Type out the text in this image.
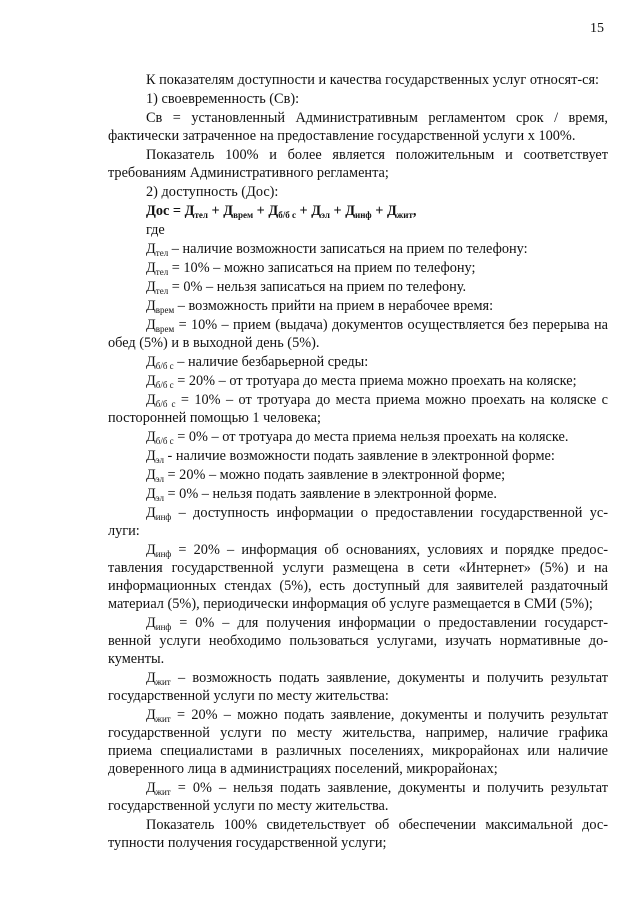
15

К показателям доступности и качества государственных услуг относят-ся:

1) своевременность (Св):

Св = установленный Административным регламентом срок / время, фактически затраченное на предоставление государственной услуги х 100%.

Показатель 100% и более является положительным и соответствует требованиям Административного регламента;

2) доступность (Дос):

Дос = $Д_{тел} + Д_{врем} + Д_{б/б с} + Д_{эл} + Д_{инф} + Д_{жит}$,

где

$Д_{тел}$ – наличие возможности записаться на прием по телефону:

$Д_{тел} = 10\%$ – можно записаться на прием по телефону;

$Д_{тел} = 0\%$ – нельзя записаться на прием по телефону.

$Д_{врем}$ – возможность прийти на прием в нерабочее время:

$Д_{врем} = 10\%$ – прием (выдача) документов осуществляется без перерыва на обед (5%) и в выходной день (5%).

$Д_{б/б с}$ – наличие безбарьерной среды:

$Д_{б/б с} = 20\%$ – от тротуара до места приема можно проехать на коляске;

$Д_{б/б с} = 10\%$ – от тротуара до места приема можно проехать на коляске с посторонней помощью 1 человека;

$Д_{б/б с} = 0\%$ – от тротуара до места приема нельзя проехать на коляске.

$Д_{эл}$ - наличие возможности подать заявление в электронной форме:

$Д_{эл} = 20\%$ – можно подать заявление в электронной форме;

$Д_{эл} = 0\%$ – нельзя подать заявление в электронной форме.

$Д_{инф}$ – доступность информации о предоставлении государственной ус-луги:

$Д_{инф} = 20\%$ – информация об основаниях, условиях и порядке предос-тавления государственной услуги размещена в сети «Интернет» (5%) и на информационных стендах (5%), есть доступный для заявителей раздаточный материал (5%), периодически информация об услуге размещается в СМИ (5%);

$Д_{инф} = 0\%$ – для получения информации о предоставлении государст-венной услуги необходимо пользоваться услугами, изучать нормативные до-кументы.

$Д_{жит}$ – возможность подать заявление, документы и получить результат государственной услуги по месту жительства:

$Д_{жит} = 20\%$ – можно подать заявление, документы и получить результат государственной услуги по месту жительства, например, наличие графика приема специалистами в различных поселениях, микрорайонах или наличие доверенного лица в администрациях поселений, микрорайонах;

$Д_{жит} = 0\%$ – нельзя подать заявление, документы и получить результат государственной услуги по месту жительства.

Показатель 100% свидетельствует об обеспечении максимальной дос-тупности получения государственной услуги;
